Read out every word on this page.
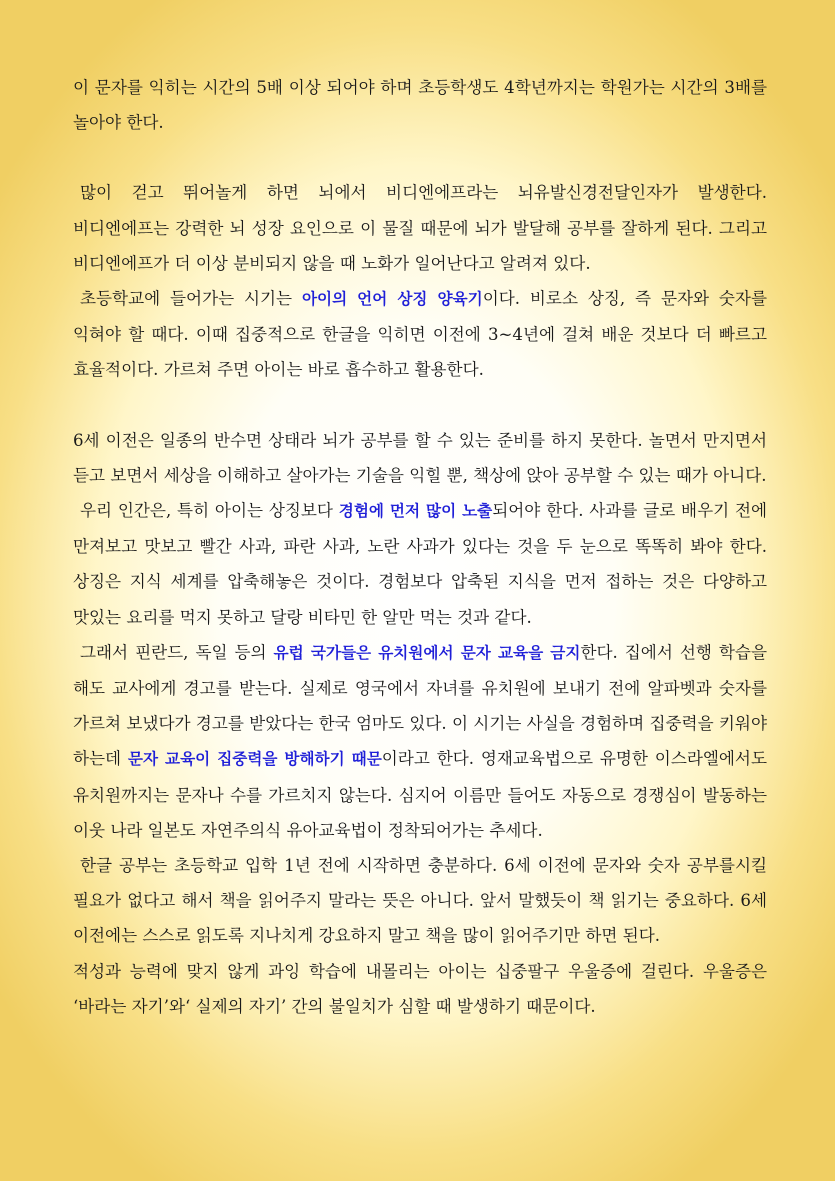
이 문자를 익히는 시간의 5배 이상 되어야 하며 초등학생도 4학년까지는 학원가는 시간의 3배를 놀아야 한다.

많이 걷고 뛰어놀게 하면 뇌에서 비디엔에프라는 뇌유발신경전달인자가 발생한다. 비디엔에프는 강력한 뇌 성장 요인으로 이 물질 때문에 뇌가 발달해 공부를 잘하게 된다. 그리고 비디엔에프가 더 이상 분비되지 않을 때 노화가 일어난다고 알려져 있다.

초등학교에 들어가는 시기는 아이의 언어 상징 양육기이다. 비로소 상징, 즉 문자와 숫자를 익혀야 할 때다. 이때 집중적으로 한글을 익히면 이전에 3~4년에 걸쳐 배운 것보다 더 빠르고 효율적이다. 가르쳐 주면 아이는 바로 흡수하고 활용한다.

6세 이전은 일종의 반수면 상태라 뇌가 공부를 할 수 있는 준비를 하지 못한다. 놀면서 만지면서 듣고 보면서 세상을 이해하고 살아가는 기술을 익힐 뿐, 책상에 앉아 공부할 수 있는 때가 아니다.

우리 인간은, 특히 아이는 상징보다 경험에 먼저 많이 노출되어야 한다. 사과를 글로 배우기 전에 만져보고 맛보고 빨간 사과, 파란 사과, 노란 사과가 있다는 것을 두 눈으로 똑똑히 봐야 한다. 상징은 지식 세계를 압축해놓은 것이다. 경험보다 압축된 지식을 먼저 접하는 것은 다양하고 맛있는 요리를 먹지 못하고 달랑 비타민 한 알만 먹는 것과 같다.

그래서 핀란드, 독일 등의 유럽 국가들은 유치원에서 문자 교육을 금지한다. 집에서 선행 학습을 해도 교사에게 경고를 받는다. 실제로 영국에서 자녀를 유치원에 보내기 전에 알파벳과 숫자를 가르쳐 보냈다가 경고를 받았다는 한국 엄마도 있다. 이 시기는 사실을 경험하며 집중력을 키워야 하는데 문자 교육이 집중력을 방해하기 때문이라고 한다. 영재교육법으로 유명한 이스라엘에서도 유치원까지는 문자나 수를 가르치지 않는다. 심지어 이름만 들어도 자동으로 경쟁심이 발동하는 이웃 나라 일본도 자연주의식 유아교육법이 정착되어가는 추세다.

한글 공부는 초등학교 입학 1년 전에 시작하면 충분하다. 6세 이전에 문자와 숫자 공부를시킬 필요가 없다고 해서 책을 읽어주지 말라는 뜻은 아니다. 앞서 말했듯이 책 읽기는 중요하다. 6세 이전에는 스스로 읽도록 지나치게 강요하지 말고 책을 많이 읽어주기만 하면 된다.

적성과 능력에 맞지 않게 과잉 학습에 내몰리는 아이는 십중팔구 우울증에 걸린다. 우울증은 ‘바라는 자기’와‘ 실제의 자기’ 간의 불일치가 심할 때 발생하기 때문이다.
